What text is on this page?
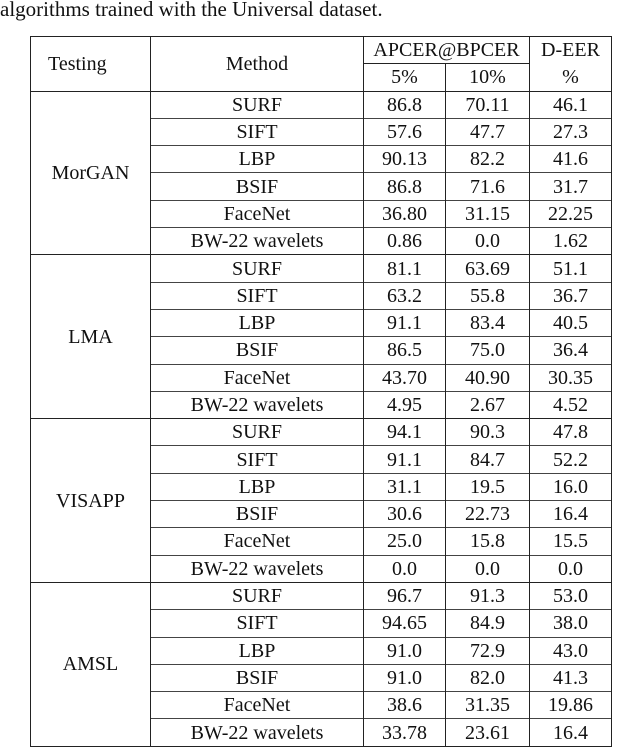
algorithms trained with the Universal dataset.
Testing	Method	APCER@BPCER		D-EER
		5%	10%	%
MorGAN	SURF	86.8	70.11	46.1
	SIFT	57.6	47.7	27.3
	LBP	90.13	82.2	41.6
	BSIF	86.8	71.6	31.7
	FaceNet	36.80	31.15	22.25
	BW-22 wavelets	0.86	0.0	1.62
LMA	SURF	81.1	63.69	51.1
	SIFT	63.2	55.8	36.7
	LBP	91.1	83.4	40.5
	BSIF	86.5	75.0	36.4
	FaceNet	43.70	40.90	30.35
	BW-22 wavelets	4.95	2.67	4.52
VISAPP	SURF	94.1	90.3	47.8
	SIFT	91.1	84.7	52.2
	LBP	31.1	19.5	16.0
	BSIF	30.6	22.73	16.4
	FaceNet	25.0	15.8	15.5
	BW-22 wavelets	0.0	0.0	0.0
AMSL	SURF	96.7	91.3	53.0
	SIFT	94.65	84.9	38.0
	LBP	91.0	72.9	43.0
	BSIF	91.0	82.0	41.3
	FaceNet	38.6	31.35	19.86
	BW-22 wavelets	33.78	23.61	16.4
